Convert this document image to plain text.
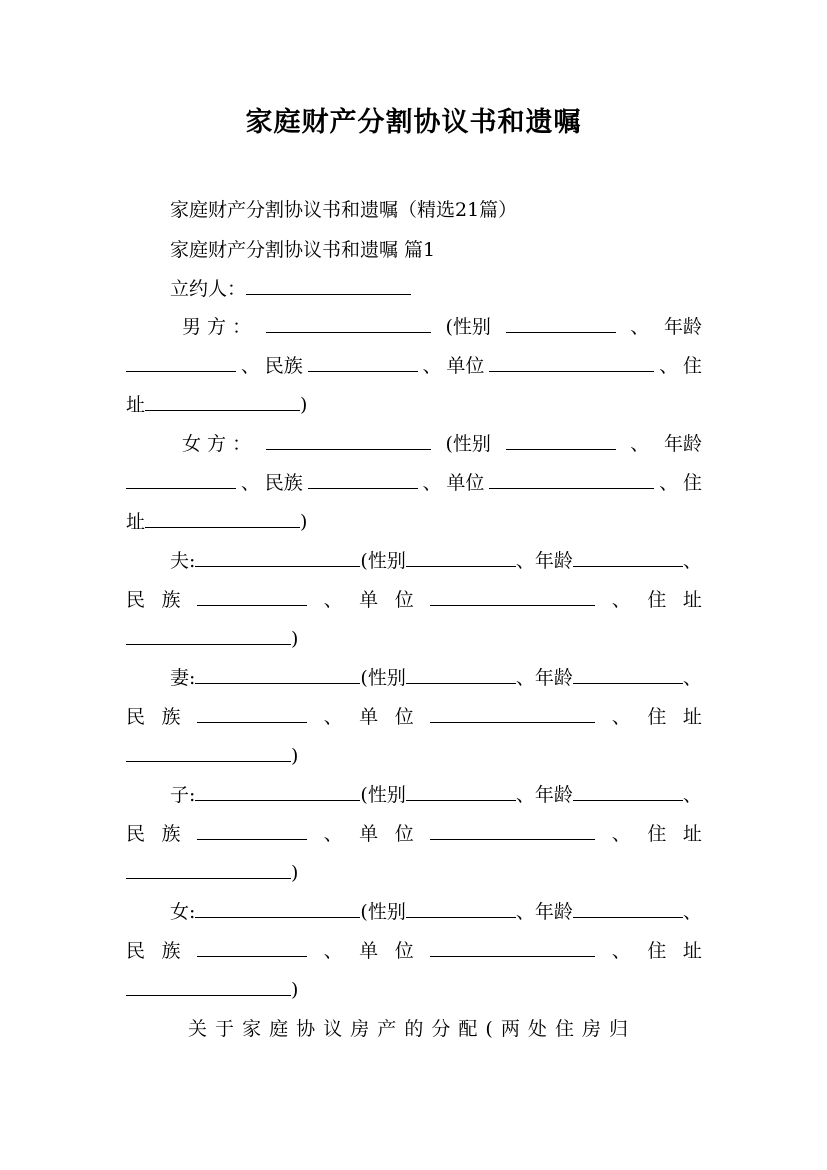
家庭财产分割协议书和遗嘱
家庭财产分割协议书和遗嘱（精选21篇）
家庭财产分割协议书和遗嘱 篇1
立约人：
男 方 ：	(性别	、 年龄
、 民族	、 单位	、 住
址	)
女 方 ：	(性别	、 年龄
、 民族	、 单位	、 住
址	)
夫:	(性别	、年龄	、
民 族	、 单 位	、 住 址
)
妻:	(性别	、年龄	、
民 族	、 单 位	、 住 址
)
子:	(性别	、年龄	、
民 族	、 单 位	、 住 址
)
女:	(性别	、年龄	、
民 族	、 单 位	、 住 址
)
关 于 家 庭 协 议 房 产 的 分 配 ( 两 处 住 房 归
